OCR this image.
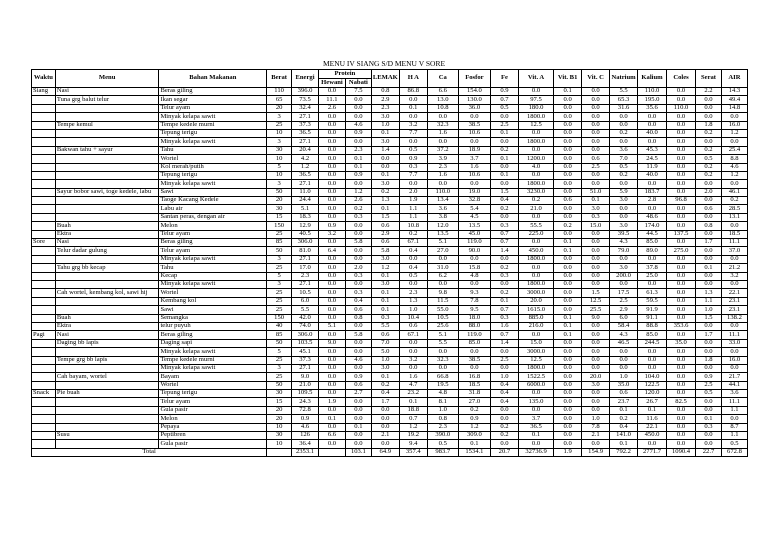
MENU IV SIANG S/D MENU V SORE
Waktu	Menu	Bahan Makanan	Berat	Energi	Protein		LEMAK	H A	Ca	Fosfor	Fe	Vit. A	Vit. B1	Vit. C	Natrium	Kalium	Coles	Serat	AIR
					Hewani	Nabati													
Siang	Nasi	Beras giling	110	396.0	0.0	7.5	0.8	86.8	6.6	154.0	0.9	0.0	0.1	0.0	5.5	110.0	0.0	2.2	14.3
	Tuna grg balut telur	Ikan segar	65	73.5	11.1	0.0	2.9	0.0	13.0	130.0	0.7	97.5	0.0	0.0	65.3	195.0	0.0	0.0	49.4
		Telur ayam	20	32.4	2.6	0.0	2.3	0.1	10.8	36.0	0.5	180.0	0.0	0.0	31.6	35.6	110.0	0.0	14.8
		Minyak kelapa sawit	3	27.1	0.0	0.0	3.0	0.0	0.0	0.0	0.0	1800.0	0.0	0.0	0.0	0.0	0.0	0.0	0.0
	Tempe kemul	Tempe kedele murni	25	37.3	0.0	4.6	1.0	3.2	32.3	38.5	2.5	12.5	0.0	0.0	0.0	0.0	0.0	1.8	16.0
		Tepung terigu	10	36.5	0.0	0.9	0.1	7.7	1.6	10.6	0.1	0.0	0.0	0.0	0.2	40.0	0.0	0.2	1.2
		Minyak kelapa sawit	3	27.1	0.0	0.0	3.0	0.0	0.0	0.0	0.0	1800.0	0.0	0.0	0.0	0.0	0.0	0.0	0.0
	Bakwan tahu + sayur	Tahu	30	20.4	0.0	2.3	1.4	0.5	37.2	18.9	0.2	0.0	0.0	0.0	3.6	45.3	0.0	0.2	25.4
		Wortel	10	4.2	0.0	0.1	0.0	0.9	3.9	3.7	0.1	1200.0	0.0	0.6	7.0	24.5	0.0	0.5	8.8
		Kol merah/putih	5	1.2	0.0	0.1	0.0	0.3	2.3	1.6	0.0	4.0	0.0	2.5	0.5	11.9	0.0	0.2	4.6
		Tepung terigu	10	36.5	0.0	0.9	0.1	7.7	1.6	10.6	0.1	0.0	0.0	0.0	0.2	40.0	0.0	0.2	1.2
		Minyak kelapa sawit	3	27.1	0.0	0.0	3.0	0.0	0.0	0.0	0.0	1800.0	0.0	0.0	0.0	0.0	0.0	0.0	0.0
	Sayur bobor sawi, toge kedele, labu	Sawi	50	11.0	0.0	1.2	0.2	2.0	110.0	19.0	1.5	3230.0	0.0	51.0	5.9	183.7	0.0	2.0	46.1
		Taoge Kacang Kedele	20	24.4	0.0	2.6	1.3	1.9	13.4	32.8	0.4	0.2	0.6	0.1	3.0	2.8	96.8	0.0	0.2
		Labu air	30	5.1	0.0	0.2	0.1	1.1	3.6	5.4	0.2	21.0	0.0	3.0	0.0	0.0	0.0	0.6	28.5
		Santan peras, dengan air	15	18.3	0.0	0.3	1.5	1.1	3.8	4.5	0.0	0.0	0.0	0.3	0.0	48.6	0.0	0.0	13.1
	Buah	Melon	150	12.9	0.9	0.0	0.6	10.8	12.0	13.5	0.3	55.5	0.2	15.0	3.0	174.0	0.0	0.8	0.0
	Ektra	Telur ayam	25	40.5	3.2	0.0	2.9	0.2	13.5	45.0	0.7	225.0	0.0	0.0	39.5	44.5	137.5	0.0	18.5
Sore	Nasi	Beras giling	85	306.0	0.0	5.8	0.6	67.1	5.1	119.0	0.7	0.0	0.1	0.0	4.3	85.0	0.0	1.7	11.1
	Telur dadar gulung	Telur ayam	50	81.0	6.4	0.0	5.8	0.4	27.0	90.0	1.4	450.0	0.1	0.0	79.0	89.0	275.0	0.0	37.0
		Minyak kelapa sawit	3	27.1	0.0	0.0	3.0	0.0	0.0	0.0	0.0	1800.0	0.0	0.0	0.0	0.0	0.0	0.0	0.0
	Tahu grg bb kecap	Tahu	25	17.0	0.0	2.0	1.2	0.4	31.0	15.8	0.2	0.0	0.0	0.0	3.0	37.8	0.0	0.1	21.2
		Kecap	5	2.3	0.0	0.3	0.1	0.5	6.2	4.8	0.3	0.0	0.0	0.0	200.0	25.0	0.0	0.0	3.2
		Minyak kelapa sawit	3	27.1	0.0	0.0	3.0	0.0	0.0	0.0	0.0	1800.0	0.0	0.0	0.0	0.0	0.0	0.0	0.0
	Cah wortel, kembang kol, sawi hij	Wortel	25	10.5	0.0	0.3	0.1	2.3	9.8	9.3	0.2	3000.0	0.0	1.5	17.5	61.3	0.0	1.3	22.1
		Kembang kol	25	6.0	0.0	0.4	0.1	1.3	11.5	7.8	0.1	20.0	0.0	12.5	2.5	59.5	0.0	1.1	23.1
		Sawi	25	5.5	0.0	0.6	0.1	1.0	55.0	9.5	0.7	1615.0	0.0	25.5	2.9	91.9	0.0	1.0	23.1
	Buah	Semangka	150	42.0	0.0	0.8	0.3	10.4	10.5	18.0	0.3	885.0	0.1	9.0	6.0	91.1	0.0	1.5	138.2
	Ektra	telur puyuh	40	74.0	5.1	0.0	5.5	0.6	25.6	88.0	1.6	216.0	0.1	0.0	58.4	88.8	353.6	0.0	0.0
Pagi	Nasi	Beras giling	85	306.0	0.0	5.8	0.6	67.1	5.1	119.0	0.7	0.0	0.1	0.0	4.3	85.0	0.0	1.7	11.1
	Daging bb lapis	Daging sapi	50	103.5	9.0	0.0	7.0	0.0	5.5	85.0	1.4	15.0	0.0	0.0	46.5	244.5	35.0	0.0	33.0
		Minyak kelapa sawit	5	45.1	0.0	0.0	5.0	0.0	0.0	0.0	0.0	3000.0	0.0	0.0	0.0	0.0	0.0	0.0	0.0
	Tempe grg bb lapis	Tempe kedele murni	25	37.3	0.0	4.6	1.0	3.2	32.3	38.5	2.5	12.5	0.0	0.0	0.0	0.0	0.0	1.8	16.0
		Minyak kelapa sawit	3	27.1	0.0	0.0	3.0	0.0	0.0	0.0	0.0	1800.0	0.0	0.0	0.0	0.0	0.0	0.0	0.0
	Cah bayam, wortel	Bayam	25	9.0	0.0	0.9	0.1	1.6	66.8	16.8	1.0	1522.5	0.0	20.0	1.0	104.0	0.0	0.9	21.7
		Wortel	50	21.0	0.0	0.6	0.2	4.7	19.5	18.5	0.4	6000.0	0.0	3.0	35.0	122.5	0.0	2.5	44.1
Snack	Pie buah	Tepung terigu	30	109.5	0.0	2.7	0.4	23.2	4.8	31.8	0.4	0.0	0.0	0.0	0.6	120.0	0.0	0.5	3.6
		Telur ayam	15	24.3	1.9	0.0	1.7	0.1	8.1	27.0	0.4	135.0	0.0	0.0	23.7	26.7	82.5	0.0	11.1
		Gula pasir	20	72.8	0.0	0.0	0.0	18.8	1.0	0.2	0.0	0.0	0.0	0.0	0.1	0.1	0.0	0.0	1.1
		Melon	20	0.9	0.1	0.0	0.0	0.7	0.8	0.9	0.0	3.7	0.0	1.0	0.2	11.6	0.0	0.1	0.0
		Pepaya	10	4.6	0.0	0.1	0.0	1.2	2.3	1.2	0.2	36.5	0.0	7.8	0.4	22.1	0.0	0.3	8.7
	Susu	Peptibren	30	126	6.6	0.0	2.1	19.2	390.0	309.0	0.2	0.1	0.0	2.1	141.0	450.0	0.0	0.0	1.1
		Gula pasir	10	36.4	0.0	0.0	0.0	9.4	0.5	0.1	0.0	0.0	0.0	0.0	0.1	0.0	0.0	0.0	0.5
Total				2353.1		103.1	64.9	357.4	983.7	1534.1	20.7	32736.9	1.9	154.9	792.2	2771.7	1090.4	22.7	672.8
